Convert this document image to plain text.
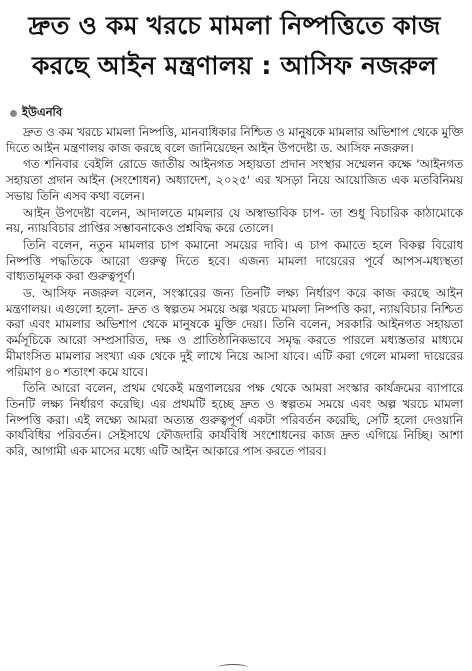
দ্রুত ও কম খরচে মামলা নিষ্পত্তিতে কাজ করছে আইন মন্ত্রণালয় : আসিফ নজরুল
ইউএনবি

দ্রুত ও কম খরচে মামলা নিষ্পত্তি, মানবাধিকার নিশ্চিত ও মানুষকে মামলার অভিশাপ থেকে মুক্তি দিতে আইন মন্ত্রণালয় কাজ করছে বলে জানিয়েছেন আইন উপদেষ্টা ড. আসিফ নজরুল।

গত শনিবার বেইলি রোডে জাতীয় আইনগত সহায়তা প্রদান সংস্থার সম্মেলন কক্ষে 'আইনগত সহায়তা প্রদান আইন (সংশোধন) অধ্যাদেশ, ২০২৫' এর খসড়া নিয়ে আয়োজিত এক মতবিনিময় সভায় তিনি এসব কথা বলেন।

আইন উপদেষ্টা বলেন, আদালতে মামলার যে অস্বাভাবিক চাপ- তা শুধু বিচারিক কাঠামোকে নয়, ন্যায়বিচার প্রাপ্তির সম্ভাবনাকেও প্রশ্নবিদ্ধ করে তোলে।

তিনি বলেন, নতুন মামলার চাপ কমানো সময়ের দাবি। এ চাপ কমাতে হলে বিকল্প বিরোধ নিষ্পত্তি পদ্ধতিকে আরো গুরুত্ব দিতে হবে। এজন্য মামলা দায়েরের পূর্বে আপস-মধ্যস্থতা বাধ্যতামূলক করা গুরুত্বপূর্ণ।

ড. আসিফ নজরুল বলেন, সংস্কারের জন্য তিনটি লক্ষ্য নির্ধারণ করে কাজ করছে আইন মন্ত্রণালয়। এগুলো হলো- দ্রুত ও স্বল্পতম সময়ে অল্প খরচে মামলা নিষ্পত্তি করা, ন্যায়বিচার নিশ্চিত করা এবং মামলার অভিশাপ থেকে মানুষকে মুক্তি দেয়া। তিনি বলেন, সরকারি আইনগত সহায়তা কর্মসূচিকে আরো সম্প্রসারিত, দক্ষ ও প্রাতিষ্ঠানিকভাবে সমৃদ্ধ করতে পারলে মধ্যস্ততার মাধ্যমে মীমাংসিত মামলার সংখ্যা এক থেকে দুই লাখে নিয়ে আসা যাবে। এটি করা গেলে মামলা দায়েরের পরিমাণ ৪০ শতাংশ কমে যাবে।

তিনি আরো বলেন, প্রথম থেকেই মন্ত্রণালয়ের পক্ষ থেকে আমরা সংস্কার কার্যক্রমের ব্যাপারে তিনটি লক্ষ্য নির্ধারণ করেছি। এর প্রথমটি হচ্ছে দ্রুত ও স্বল্পতম সময়ে এবং অল্প খরচে মামলা নিষ্পত্তি করা। এই লক্ষ্যে আমরা অত্যন্ত গুরুত্বপূর্ণ একটা পরিবর্তন করেছি, সেটি হলো দেওয়ানি কার্যবিধির পরিবর্তন। সেইসাথে ফৌজদারি কার্যবিধি সংশোধনের কাজ দ্রুত এগিয়ে নিচ্ছি। আশা করি, আগামী এক মাসের মধ্যে এটি আইন আকারে পাস করতে পারব।
